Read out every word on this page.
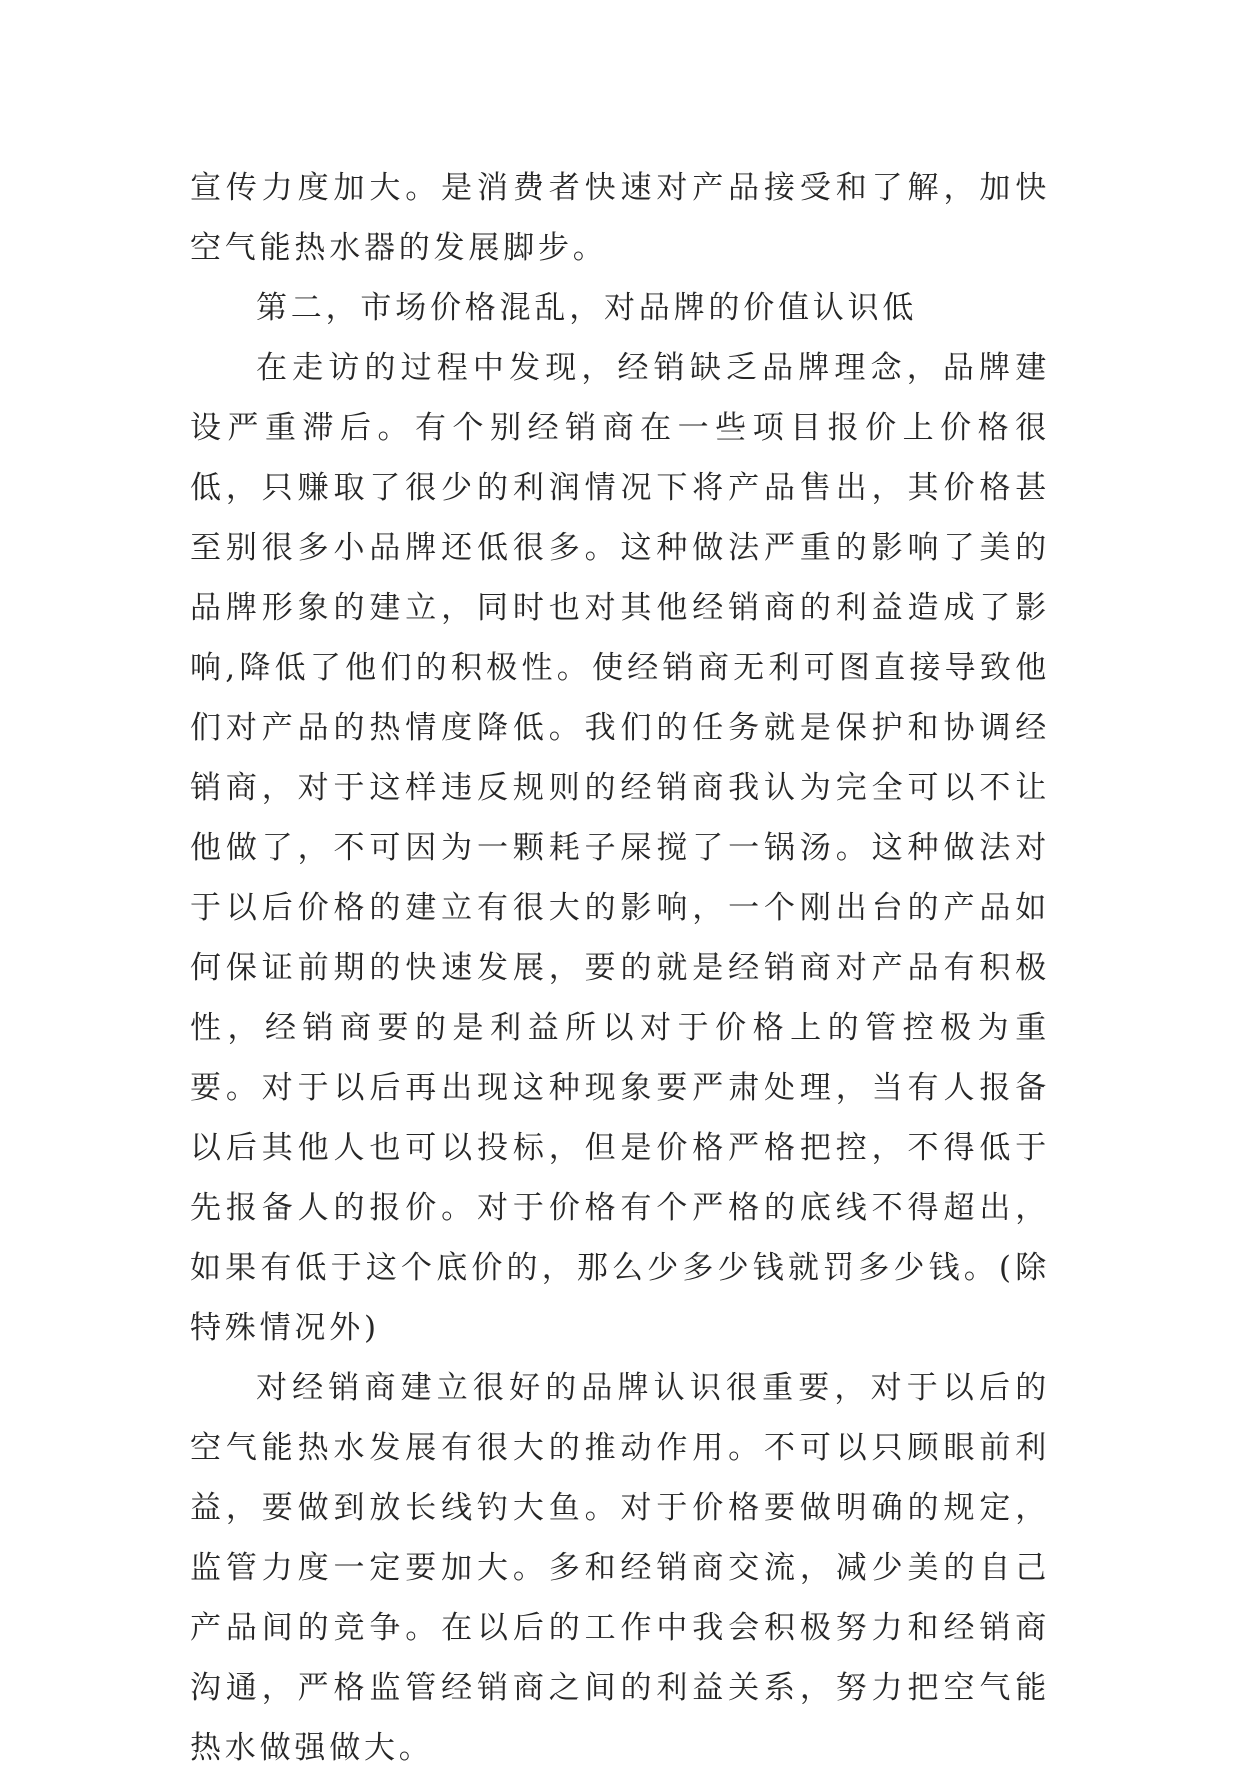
宣传力度加大。是消费者快速对产品接受和了解，加快空气能热水器的发展脚步。

第二，市场价格混乱，对品牌的价值认识低

在走访的过程中发现，经销缺乏品牌理念，品牌建设严重滞后。有个别经销商在一些项目报价上价格很低，只赚取了很少的利润情况下将产品售出，其价格甚至别很多小品牌还低很多。这种做法严重的影响了美的品牌形象的建立，同时也对其他经销商的利益造成了影响,降低了他们的积极性。使经销商无利可图直接导致他们对产品的热情度降低。我们的任务就是保护和协调经销商，对于这样违反规则的经销商我认为完全可以不让他做了，不可因为一颗耗子屎搅了一锅汤。这种做法对于以后价格的建立有很大的影响，一个刚出台的产品如何保证前期的快速发展，要的就是经销商对产品有积极性，经销商要的是利益所以对于价格上的管控极为重要。对于以后再出现这种现象要严肃处理，当有人报备以后其他人也可以投标，但是价格严格把控，不得低于先报备人的报价。对于价格有个严格的底线不得超出，如果有低于这个底价的，那么少多少钱就罚多少钱。(除特殊情况外)

对经销商建立很好的品牌认识很重要，对于以后的空气能热水发展有很大的推动作用。不可以只顾眼前利益，要做到放长线钓大鱼。对于价格要做明确的规定，监管力度一定要加大。多和经销商交流，减少美的自己产品间的竞争。在以后的工作中我会积极努力和经销商沟通，严格监管经销商之间的利益关系，努力把空气能热水做强做大。
